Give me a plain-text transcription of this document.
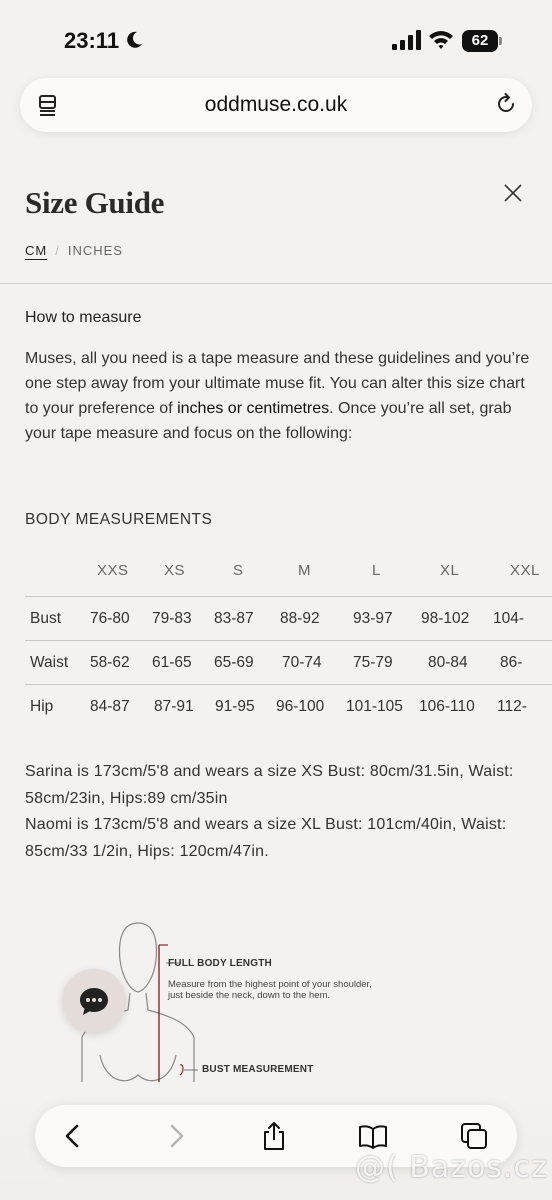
23:11	62
oddmuse.co.uk
Size Guide
CM / INCHES
How to measure

Muses, all you need is a tape measure and these guidelines and you’re one step away from your ultimate muse fit. You can alter this size chart to your preference of inches or centimetres. Once you’re all set, grab your tape measure and focus on the following:

BODY MEASUREMENTS
XXS XS	S	M	L	XL	XXL
Bust 76-80 79-83 83-87 88-92 93-97 98-102 104-
Waist 58-62 61-65 65-69 70-74 75-79 80-84 86-
Hip 84-87 87-91 91-95 96-100 101-105 106-110 112-
Sarina is 173cm/5'8 and wears a size XS Bust: 80cm/31.5in, Waist: 58cm/23in, Hips:89 cm/35in
Naomi is 173cm/5'8 and wears a size XL Bust: 101cm/40in, Waist: 85cm/33 1/2in, Hips: 120cm/47in.
FULL BODY LENGTH
Measure from the highest point of your shoulder, just beside the neck, down to the hem.
BUST MEASUREMENT
@( Bazos.cz
